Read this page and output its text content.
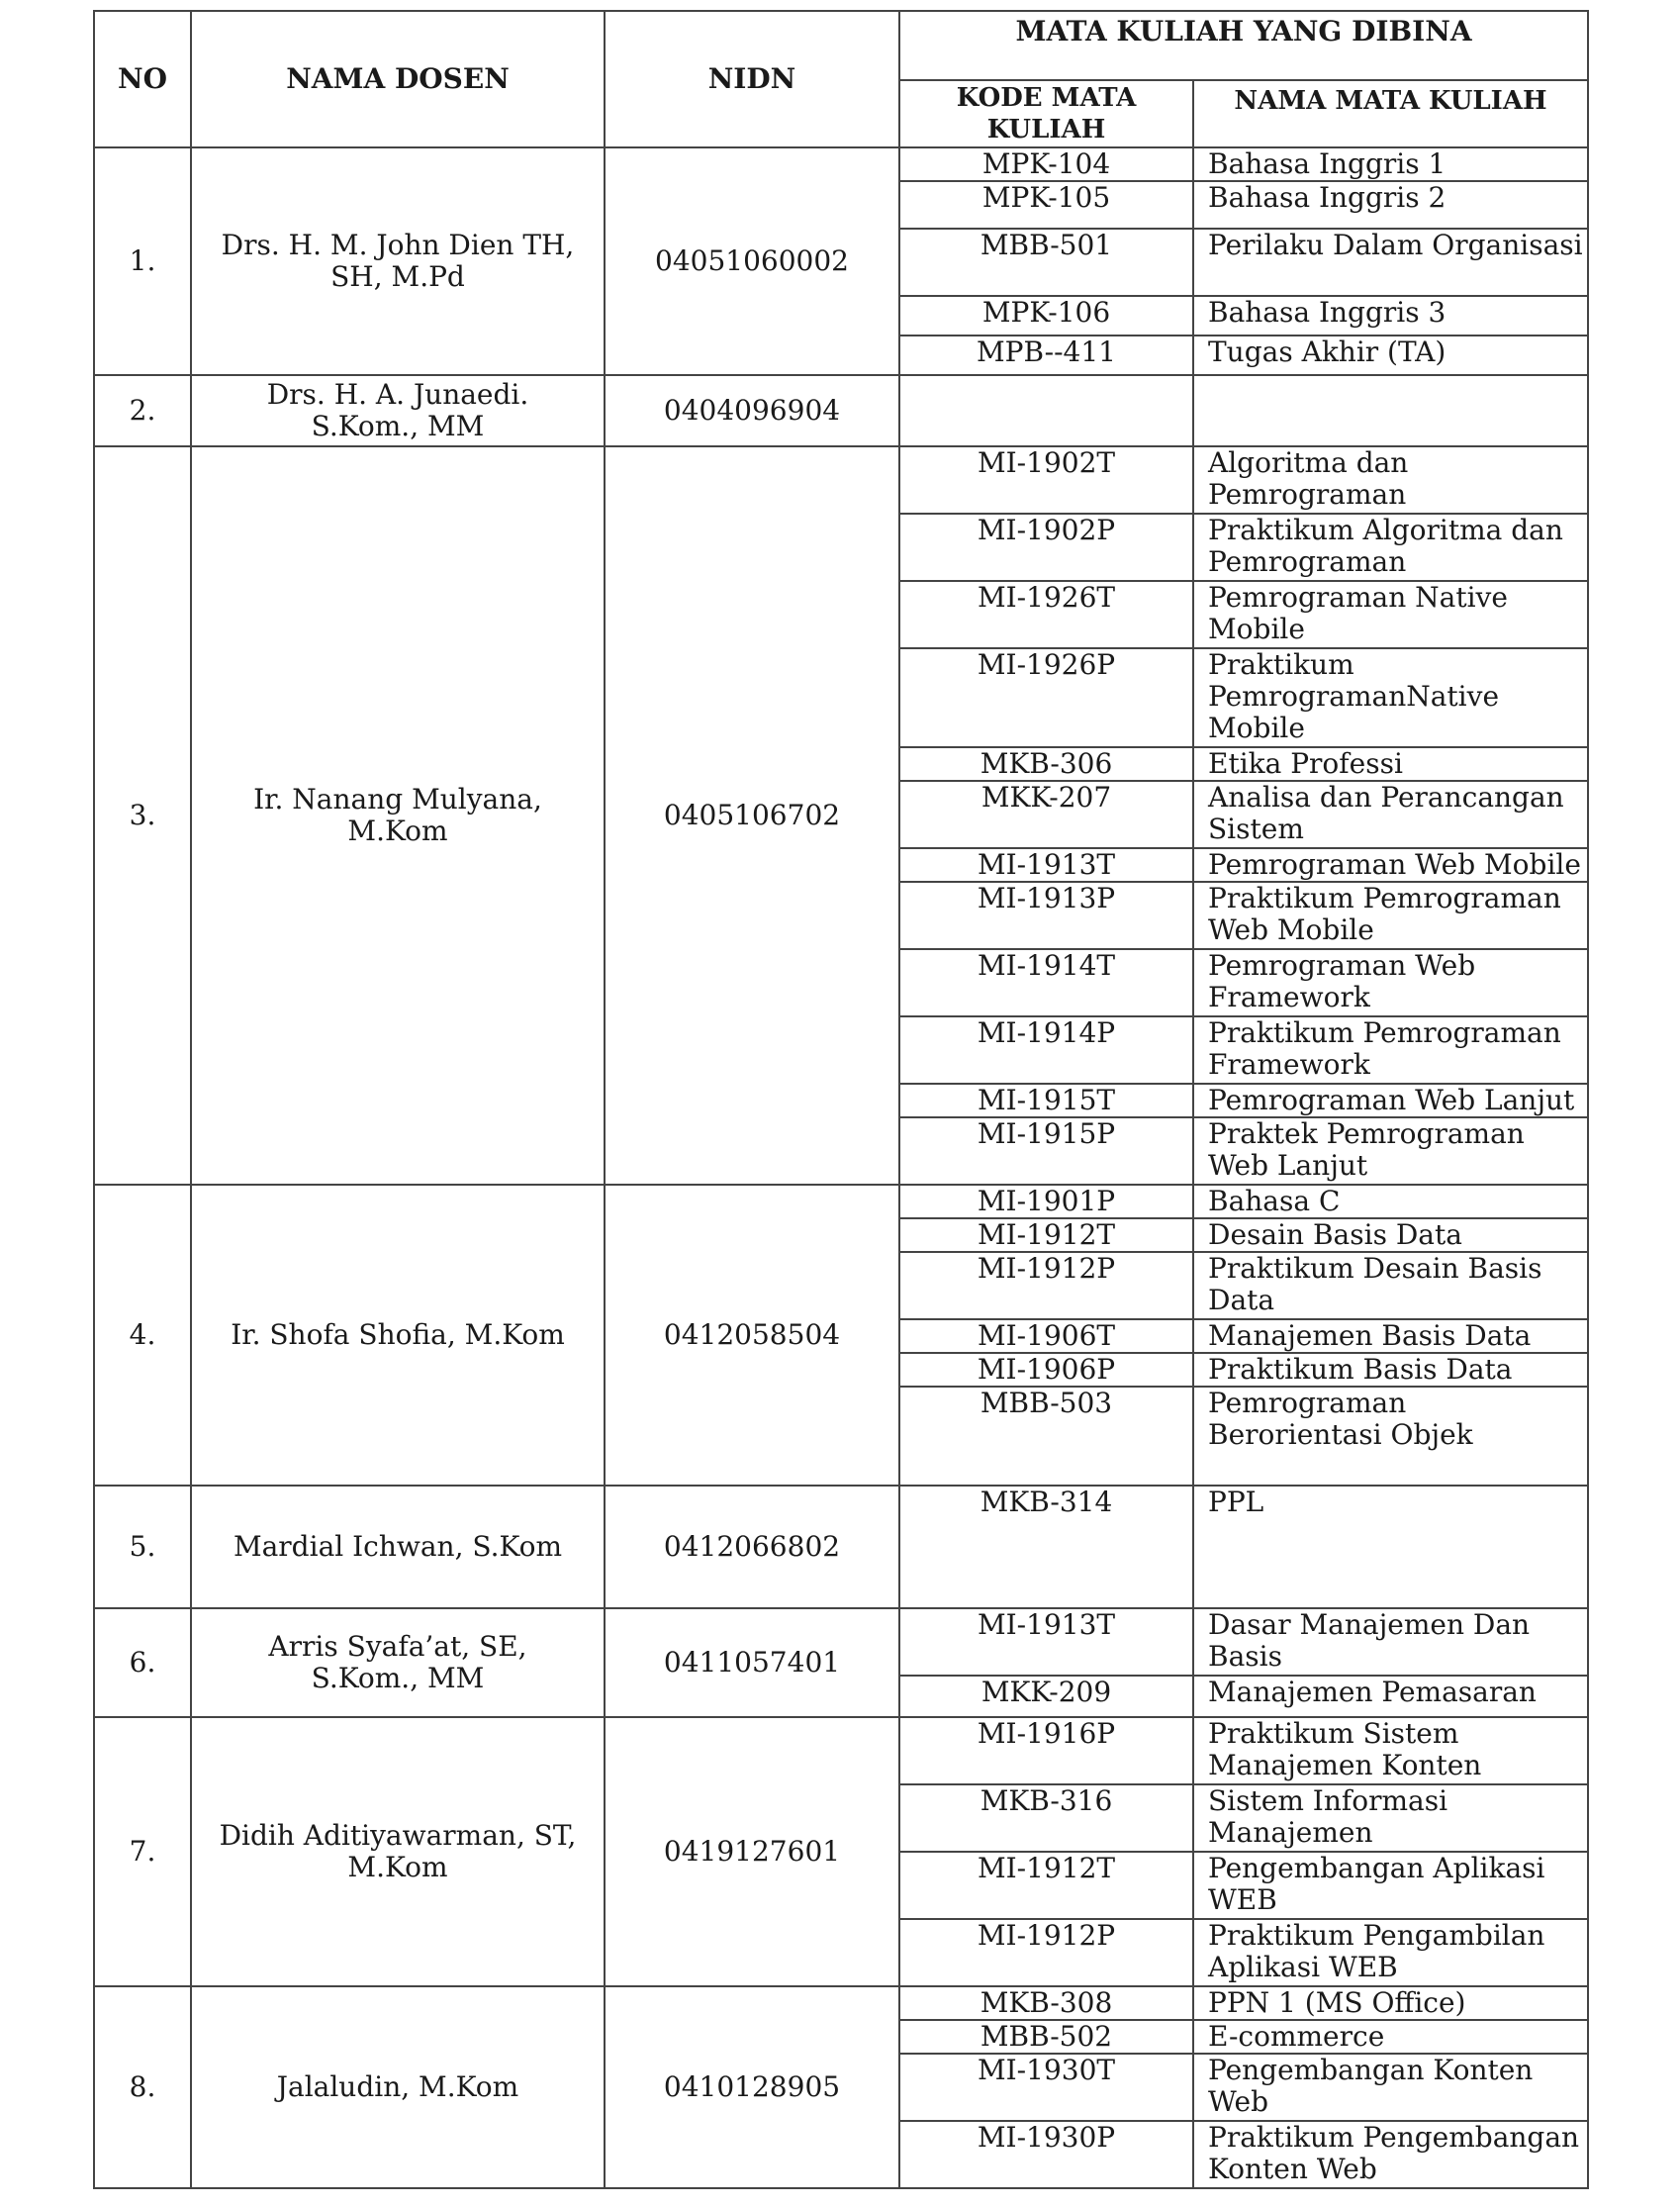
NO	NAMA DOSEN	NIDN	MATA KULIAH YANG DIBINA	
			KODE MATA KULIAH	NAMA MATA KULIAH
1.	Drs. H. M. John Dien TH, SH, M.Pd	04051060002	MPK-104	Bahasa Inggris 1
			MPK-105	Bahasa Inggris 2
			MBB-501	Perilaku Dalam Organisasi
			MPK-106	Bahasa Inggris 3
			MPB--411	Tugas Akhir (TA)
2.	Drs. H. A. Junaedi. S.Kom., MM	0404096904		
3.	Ir. Nanang Mulyana, M.Kom	0405106702	MI-1902T	Algoritma dan Pemrograman
			MI-1902P	Praktikum Algoritma dan Pemrograman
			MI-1926T	Pemrograman Native Mobile
			MI-1926P	Praktikum PemrogramanNative Mobile
			MKB-306	Etika Professi
			MKK-207	Analisa dan Perancangan Sistem
			MI-1913T	Pemrograman Web Mobile
			MI-1913P	Praktikum Pemrograman Web Mobile
			MI-1914T	Pemrograman Web Framework
			MI-1914P	Praktikum Pemrograman Framework
			MI-1915T	Pemrograman Web Lanjut
			MI-1915P	Praktek Pemrograman Web Lanjut
4.	Ir. Shofa Shofia, M.Kom	0412058504	MI-1901P	Bahasa C
			MI-1912T	Desain Basis Data
			MI-1912P	Praktikum Desain Basis Data
			MI-1906T	Manajemen Basis Data
			MI-1906P	Praktikum Basis Data
			MBB-503	Pemrograman Berorientasi Objek
5.	Mardial Ichwan, S.Kom	0412066802	MKB-314	PPL
6.	Arris Syafa’at, SE, S.Kom., MM	0411057401	MI-1913T	Dasar Manajemen Dan Basis
			MKK-209	Manajemen Pemasaran
7.	Didih Aditiyawarman, ST, M.Kom	0419127601	MI-1916P	Praktikum Sistem Manajemen Konten
			MKB-316	Sistem Informasi Manajemen
			MI-1912T	Pengembangan Aplikasi WEB
			MI-1912P	Praktikum Pengambilan Aplikasi WEB
8.	Jalaludin, M.Kom	0410128905	MKB-308	PPN 1 (MS Office)
			MBB-502	E-commerce
			MI-1930T	Pengembangan Konten Web
			MI-1930P	Praktikum Pengembangan Konten Web
